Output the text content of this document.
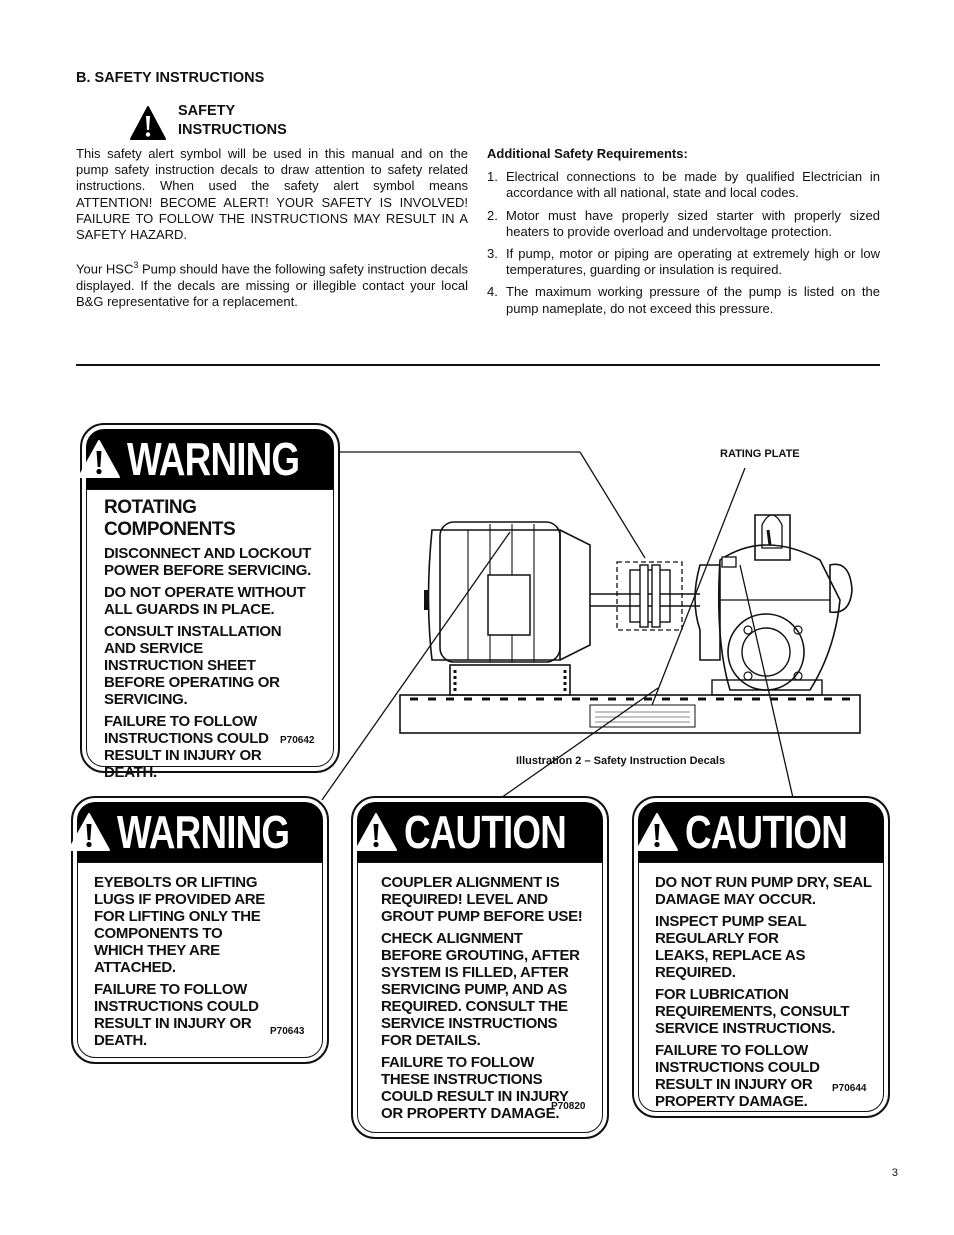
B. SAFETY INSTRUCTIONS
SAFETY INSTRUCTIONS

This safety alert symbol will be used in this manual and on the pump safety instruction decals to draw attention to safety related instructions. When used the safety alert symbol means ATTENTION! BECOME ALERT! YOUR SAFETY IS INVOLVED! FAILURE TO FOLLOW THE INSTRUCTIONS MAY RESULT IN A SAFETY HAZARD.

Your HSC$^3$ Pump should have the following safety instruction decals displayed. If the decals are missing or illegible contact your local B&G representative for a replacement.

Additional Safety Requirements:
1. Electrical connections to be made by qualified Electrician in accordance with all national, state and local codes.
2. Motor must have properly sized starter with properly sized heaters to provide overload and undervoltage protection.
3. If pump, motor or piping are operating at extremely high or low temperatures, guarding or insulation is required.
4. The maximum working pressure of the pump is listed on the pump nameplate, do not exceed this pressure.
RATING PLATE
Illustration 2 – Safety Instruction Decals
WARNING
ROTATING COMPONENTS

DISCONNECT AND LOCKOUT POWER BEFORE SERVICING.

DO NOT OPERATE WITHOUT ALL GUARDS IN PLACE.

CONSULT INSTALLATION AND SERVICE INSTRUCTION SHEET BEFORE OPERATING OR SERVICING.

FAILURE TO FOLLOW INSTRUCTIONS COULD RESULT IN INJURY OR DEATH.

P70642
WARNING

EYEBOLTS OR LIFTING LUGS IF PROVIDED ARE FOR LIFTING ONLY THE COMPONENTS TO WHICH THEY ARE ATTACHED.

FAILURE TO FOLLOW INSTRUCTIONS COULD RESULT IN INJURY OR DEATH.

P70643
CAUTION

COUPLER ALIGNMENT IS REQUIRED! LEVEL AND GROUT PUMP BEFORE USE!

CHECK ALIGNMENT BEFORE GROUTING, AFTER SYSTEM IS FILLED, AFTER SERVICING PUMP, AND AS REQUIRED. CONSULT THE SERVICE INSTRUCTIONS FOR DETAILS.

FAILURE TO FOLLOW THESE INSTRUCTIONS COULD RESULT IN INJURY OR PROPERTY DAMAGE.

P70820
CAUTION

DO NOT RUN PUMP DRY, SEAL DAMAGE MAY OCCUR.

INSPECT PUMP SEAL REGULARLY FOR LEAKS, REPLACE AS REQUIRED.

FOR LUBRICATION REQUIREMENTS, CONSULT SERVICE INSTRUCTIONS.

FAILURE TO FOLLOW INSTRUCTIONS COULD RESULT IN INJURY OR PROPERTY DAMAGE.

P70644
3
